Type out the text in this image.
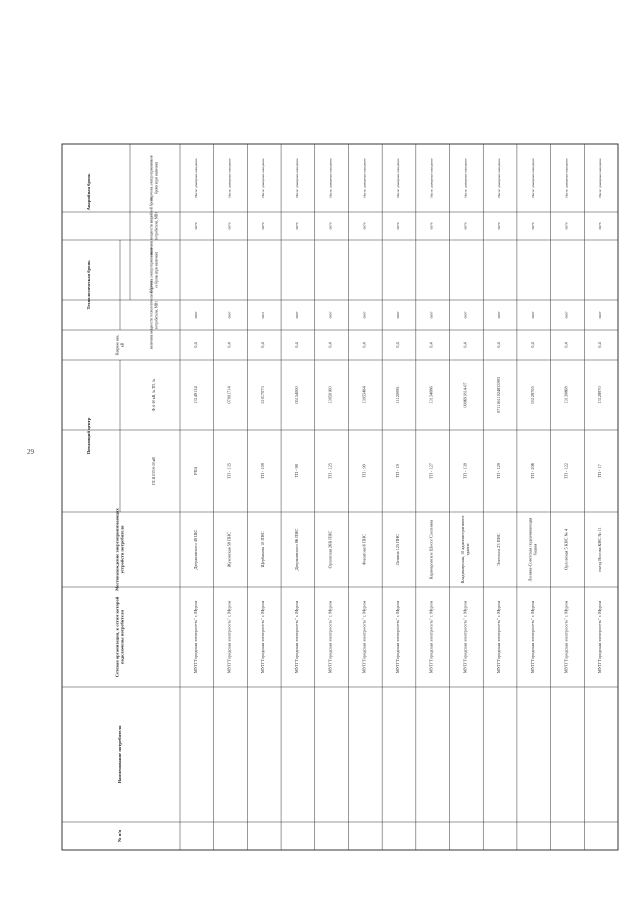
29
№ п/п
Наименование потребителя
Сетевая организация, к сетям которойподключены потребители
Местонахождение энергопринимающихустройств потребителя
Питающий центр
ПС110/35/6-10 кВ
Ф. 6-10 кВ, № ТП, №
Напряже ние,кВ
Технологическая бронь	величина мощности технологической бронипотребителя, МВт
перечень электроприемниковее бронь (при наличии)
Аварийная бронь
величина мощности аварийной бронипотребителя, МВт
перечень электроприемниковброни (при наличии)	Насос дожорные ожидание
0076
0007
0,4
13149134
РП4
Дзержинского 49 ШС
МУП"Городская электросеть" г. Муром
Насос дожорные ожидание
0076
0007
0,4
07001714
ТП - 135
Жуковская 58 ПНС
МУП"Городская электросеть" г. Муром
Насос дожорные ожидание
0076
0021
0,4
51017073
ТП - 109
Щербакова 10 ПНС
МУП"Городская электросеть" г. Муром
Насос дожорные ожидание
0076
0007
0,4
05154000
ТП - 98
Дзержинского 86 ПНС
МУП"Городская электросеть" г. Муром
Насос дожорные ожидание
0076
0007
0,4
13050160
ТП - 125
Орловская 26В ПНС
МУП"Городская электросеть" г. Муром
Насос дожорные ожидание
0076
0007
0,4
13055484
ТП - 99
Филатова 6 ПНС
МУП"Городская электросеть" г. Муром
Насос дожорные ожидание
0076
0007
0,4
11120095
ТП - 19
Ленина 125 ПНС
МУП"Городская электросеть" г. Муром
Насос дожорные ожидание
0076
0007
0,4
13134086
ТП - 127
Карачаровское Шоссе Слепнина
МУП"Городская электросеть" г. Муром
Насос дожорные ожидание
0076
0007
0,4
000691814-07
ТП - 139
Владимирская, 10 административноездание
МУП"Городская электросеть" г. Муром
Насос дожорные ожидание
0076
0007
0,4
07111611024833993
ТП - 129
Энгельса 23 ПНС
МУП"Городская электросеть" г. Муром
Насос дожорные ожидание
0076
0007
0,4
03128705
ТП - 206
Ленина-Советская подкачивающаябашня
МУП"Городская электросеть" г. Муром
Насос дожорные ожидание
0076
0007
0,4
13130868
ТП - 122
Орловская 5 КНС № 4
МУП"Городская электросеть" г. Муром
Насос дожорные ожидание
0076
0007
0,4
13128970
ТП - 17
съезд Носова КНС № 11
МУП"Городская электросеть" г. Муром
